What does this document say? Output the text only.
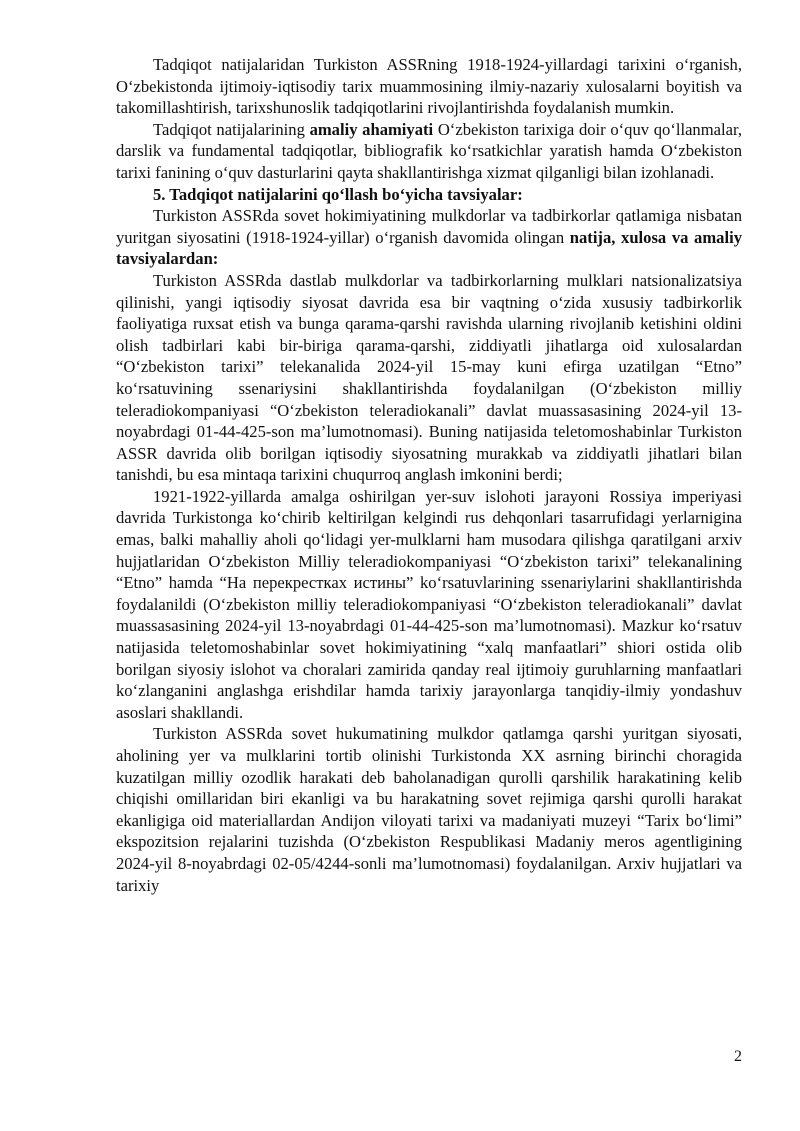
Tadqiqot natijalaridan Turkiston ASSRning 1918-1924-yillardagi tarixini o‘rganish, O‘zbekistonda ijtimoiy-iqtisodiy tarix muammosining ilmiy-nazariy xulosalarni boyitish va takomillashtirish, tarixshunoslik tadqiqotlarini rivojlantirishda foydalanish mumkin.

Tadqiqot natijalarining amaliy ahamiyati O‘zbekiston tarixiga doir o‘quv qo‘llanmalar, darslik va fundamental tadqiqotlar, bibliografik ko‘rsatkichlar yaratish hamda O‘zbekiston tarixi fanining o‘quv dasturlarini qayta shakllantirishga xizmat qilganligi bilan izohlanadi.

5. Tadqiqot natijalarini qo‘llash bo‘yicha tavsiyalar:

Turkiston ASSRda sovet hokimiyatining mulkdorlar va tadbirkorlar qatlamiga nisbatan yuritgan siyosatini (1918-1924-yillar) o‘rganish davomida olingan natija, xulosa va amaliy tavsiyalardan:

Turkiston ASSRda dastlab mulkdorlar va tadbirkorlarning mulklari natsionalizatsiya qilinishi, yangi iqtisodiy siyosat davrida esa bir vaqtning o‘zida xususiy tadbirkorlik faoliyatiga ruxsat etish va bunga qarama-qarshi ravishda ularning rivojlanib ketishini oldini olish tadbirlari kabi bir-biriga qarama-qarshi, ziddiyatli jihatlarga oid xulosalardan “O‘zbekiston tarixi” telekanalida 2024-yil 15-may kuni efirga uzatilgan “Etno” ko‘rsatuvining ssenariysini shakllantirishda foydalanilgan (O‘zbekiston milliy teleradiokompaniyasi “O‘zbekiston teleradiokanali” davlat muassasasining 2024-yil 13-noyabrdagi 01-44-425-son ma’lumotnomasi). Buning natijasida teletomoshabinlar Turkiston ASSR davrida olib borilgan iqtisodiy siyosatning murakkab va ziddiyatli jihatlari bilan tanishdi, bu esa mintaqa tarixini chuqurroq anglash imkonini berdi;

1921-1922-yillarda amalga oshirilgan yer-suv islohoti jarayoni Rossiya imperiyasi davrida Turkistonga ko‘chirib keltirilgan kelgindi rus dehqonlari tasarrufidagi yerlarnigina emas, balki mahalliy aholi qo‘lidagi yer-mulklarni ham musodara qilishga qaratilgani arxiv hujjatlaridan O‘zbekiston Milliy teleradiokompaniyasi “O‘zbekiston tarixi” telekanalining “Etno” hamda “На перекрестках истины” ko‘rsatuvlarining ssenariylarini shakllantirishda foydalanildi (O‘zbekiston milliy teleradiokompaniyasi “O‘zbekiston teleradiokanali” davlat muassasasining 2024-yil 13-noyabrdagi 01-44-425-son ma’lumotnomasi). Mazkur ko‘rsatuv natijasida teletomoshabinlar sovet hokimiyatining “xalq manfaatlari” shiori ostida olib borilgan siyosiy islohot va choralari zamirida qanday real ijtimoiy guruhlarning manfaatlari ko‘zlanganini anglashga erishdilar hamda tarixiy jarayonlarga tanqidiy-ilmiy yondashuv asoslari shakllandi.

Turkiston ASSRda sovet hukumatining mulkdor qatlamga qarshi yuritgan siyosati, aholining yer va mulklarini tortib olinishi Turkistonda XX asrning birinchi choragida kuzatilgan milliy ozodlik harakati deb baholanadigan qurolli qarshilik harakatining kelib chiqishi omillaridan biri ekanligi va bu harakatning sovet rejimiga qarshi qurolli harakat ekanligiga oid materiallardan Andijon viloyati tarixi va madaniyati muzeyi “Tarix bo‘limi” ekspozitsion rejalarini tuzishda (O‘zbekiston Respublikasi Madaniy meros agentligining 2024-yil 8-noyabrdagi 02-05/4244-sonli ma’lumotnomasi) foydalanilgan. Arxiv hujjatlari va tarixiy

2
